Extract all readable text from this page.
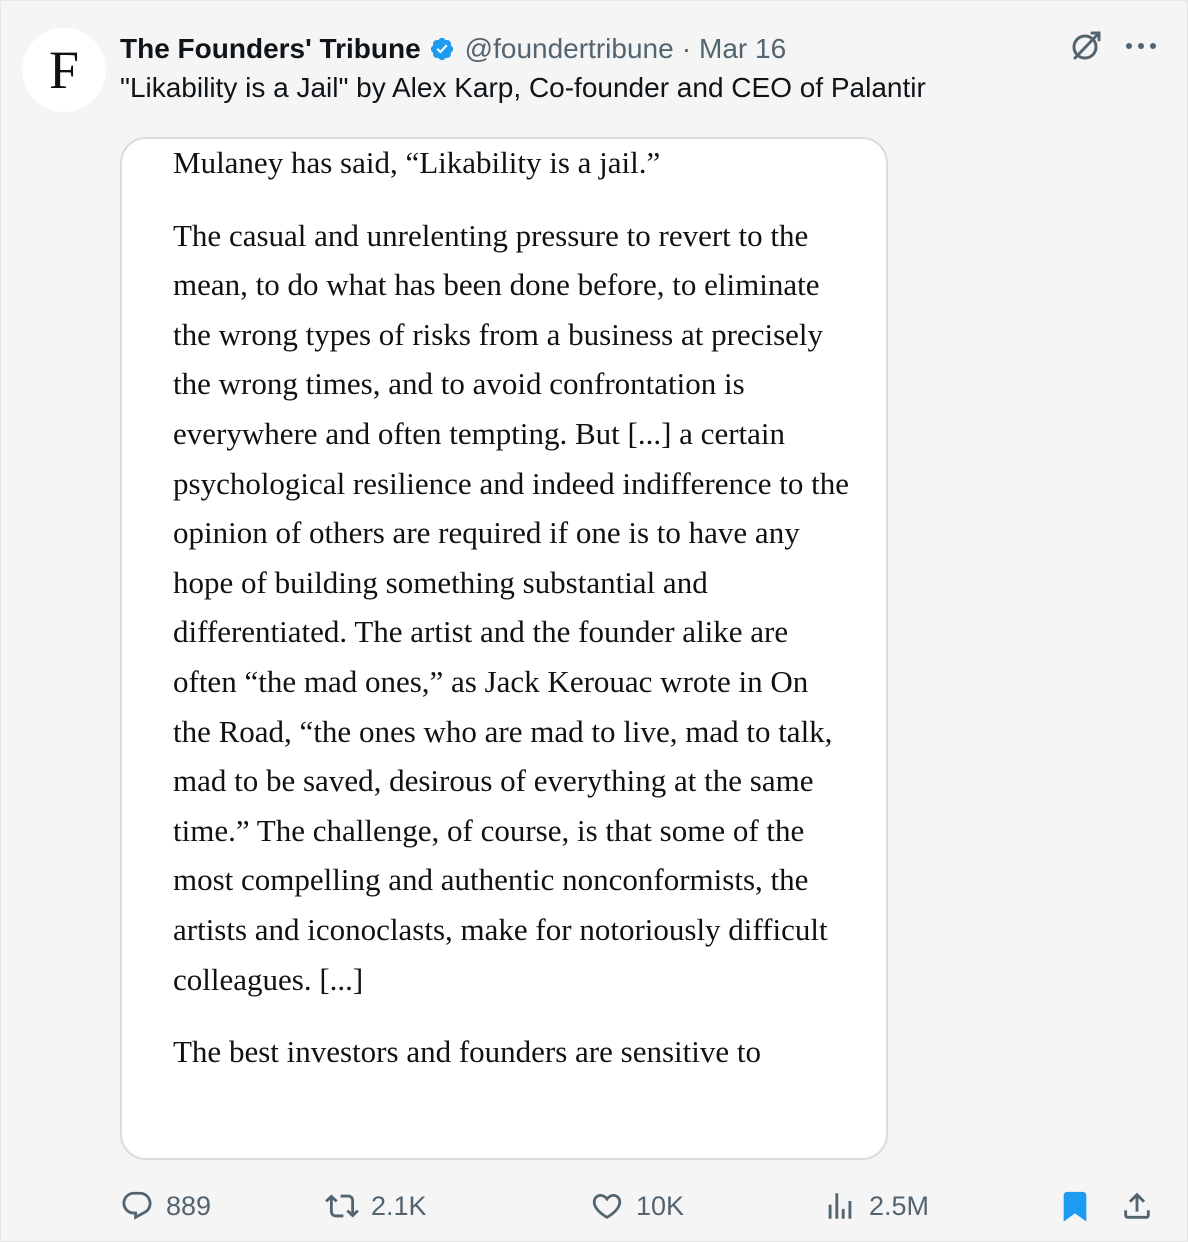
F The Founders' Tribune @foundertribune · Mar 16
"Likability is a Jail" by Alex Karp, Co-founder and CEO of Palantir

Mulaney has said, “Likability is a jail.”

The casual and unrelenting pressure to revert to the mean, to do what has been done before, to eliminate the wrong types of risks from a business at precisely the wrong times, and to avoid confrontation is everywhere and often tempting. But [...] a certain psychological resilience and indeed indifference to the opinion of others are required if one is to have any hope of building something substantial and differentiated. The artist and the founder alike are often “the mad ones,” as Jack Kerouac wrote in On the Road, “the ones who are mad to live, mad to talk, mad to be saved, desirous of everything at the same time.” The challenge, of course, is that some of the most compelling and authentic nonconformists, the artists and iconoclasts, make for notoriously difficult colleagues. [...]

The best investors and founders are sensitive to

889	2.1K	10K	2.5M
